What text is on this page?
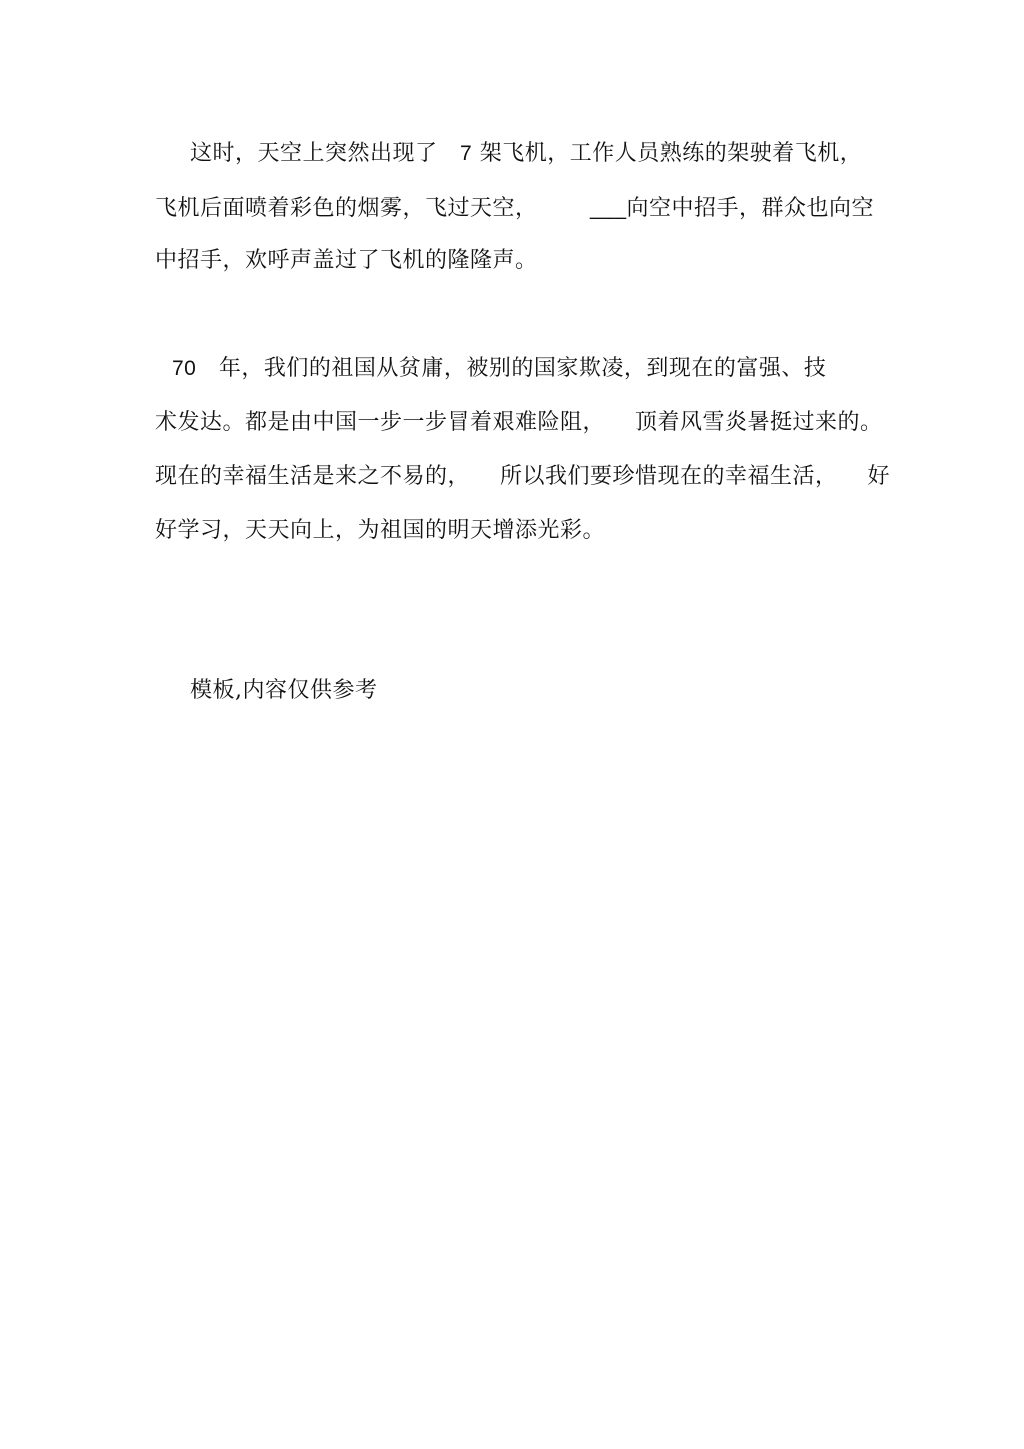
这时，天空上突然出现了 7 架飞机，工作人员熟练的架驶着飞机，
飞机后面喷着彩色的烟雾，飞过天空， ___向空中招手，群众也向空
中招手，欢呼声盖过了飞机的隆隆声。
70 年，我们的祖国从贫庸，被别的国家欺凌，到现在的富强、技
术发达。都是由中国一步一步冒着艰难险阻， 顶着风雪炎暑挺过来的。
现在的幸福生活是来之不易的， 所以我们要珍惜现在的幸福生活， 好
好学习，天天向上，为祖国的明天增添光彩。
模板,内容仅供参考
